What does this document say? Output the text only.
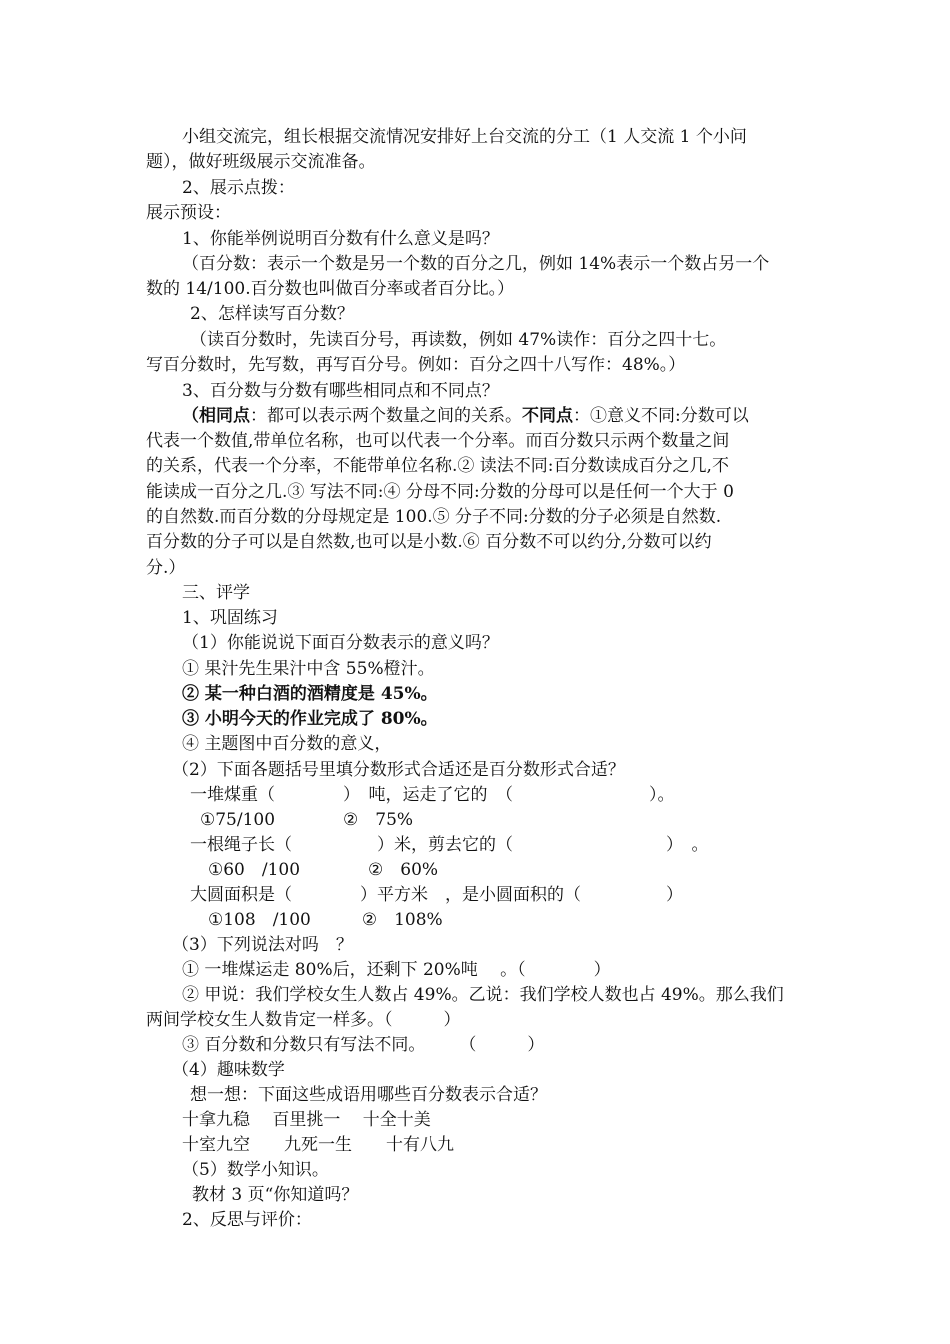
小组交流完，组长根据交流情况安排好上台交流的分工（1 人交流 1 个小问

题），做好班级展示交流准备。

2、展示点拨：

展示预设：

1、你能举例说明百分数有什么意义是吗？

（百分数：表示一个数是另一个数的百分之几，例如 14%表示一个数占另一个

数的 14/100.百分数也叫做百分率或者百分比。）

2、怎样读写百分数？

（读百分数时，先读百分号，再读数，例如 47%读作：百分之四十七。

写百分数时，先写数，再写百分号。例如：百分之四十八写作：48%。）

3、百分数与分数有哪些相同点和不同点？

（相同点：都可以表示两个数量之间的关系。不同点：①意义不同:分数可以

代表一个数值,带单位名称，也可以代表一个分率。而百分数只示两个数量之间

的关系，代表一个分率，不能带单位名称.② 读法不同:百分数读成百分之几,不

能读成一百分之几.③ 写法不同:④ 分母不同:分数的分母可以是任何一个大于 0

的自然数.而百分数的分母规定是 100.⑤ 分子不同:分数的分子必须是自然数.

百分数的分子可以是自然数,也可以是小数.⑥ 百分数不可以约分,分数可以约

分.）

三、评学

1、巩固练习

（1）你能说说下面百分数表示的意义吗？

① 果汁先生果汁中含 55%橙汁。

② 某一种白酒的酒精度是 45%。

③ 小明今天的作业完成了 80%。

④ 主题图中百分数的意义，

（2）下面各题括号里填分数形式合适还是百分数形式合适？

一堆煤重（　　　　）　吨，运走了它的　（　　　　　　　　）。

①75/100　　　　②　75%

一根绳子长（　　　　　）米，剪去它的（　　　　　　　　　）　。

①60　/100　　　　②　60%

大圆面积是（　　　　）平方米　，是小圆面积的（　　　　　）

①108　/100　　　②　108%

（3）下列说法对吗　？

① 一堆煤运走 80%后，还剩下 20%吨　 。（　　　　）

② 甲说：我们学校女生人数占 49%。乙说：我们学校人数也占 49%。那么我们

两间学校女生人数肯定一样多。（　　　）

③ 百分数和分数只有写法不同。　　　（　　　）

（4）趣味数学

想一想：下面这些成语用哪些百分数表示合适？

十拿九稳　 百里挑一　 十全十美

十室九空　　九死一生　　十有八九

（5）数学小知识。

教材 3 页“你知道吗？

2、反思与评价：
